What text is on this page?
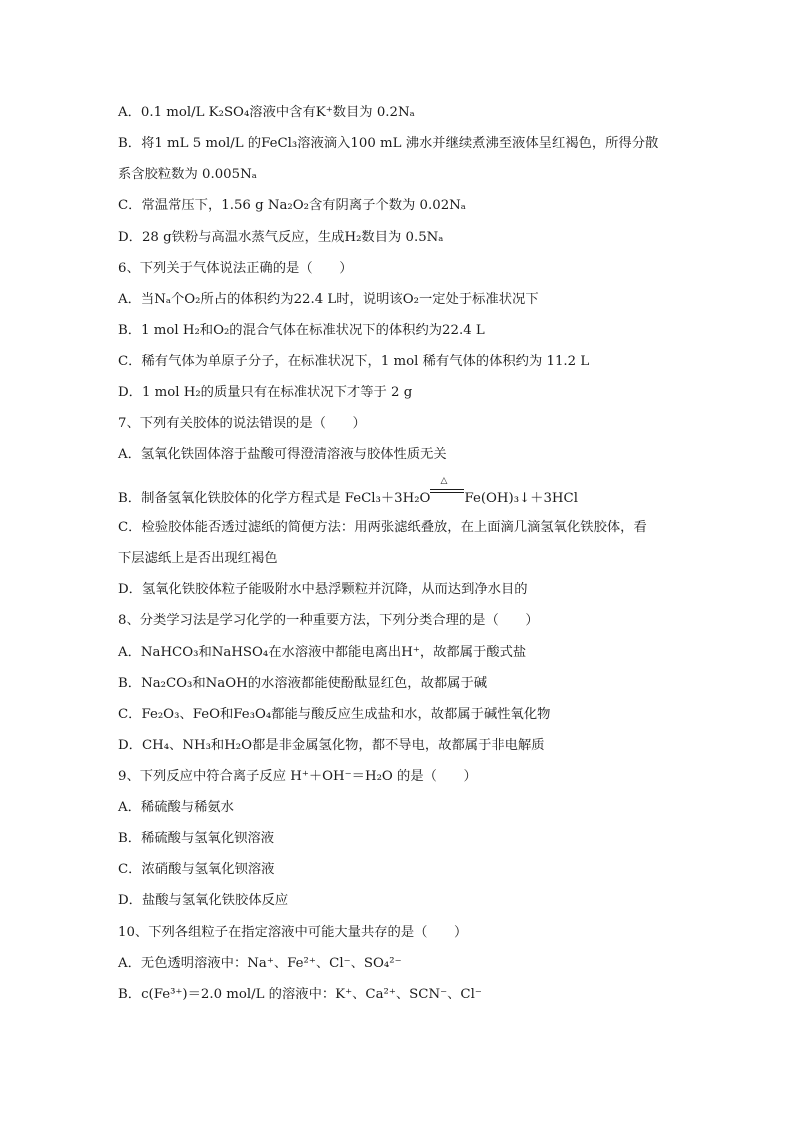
A．0.1 mol/L K₂SO₄溶液中含有K⁺数目为 0.2Nₐ
B．将1 mL 5 mol/L 的FeCl₃溶液滴入100 mL 沸水并继续煮沸至液体呈红褐色，所得分散
系含胶粒数为 0.005Nₐ
C．常温常压下，1.56 g Na₂O₂含有阴离子个数为 0.02Nₐ
D．28 g铁粉与高温水蒸气反应，生成H₂数目为 0.5Nₐ
6、下列关于气体说法正确的是（　　）
A．当Nₐ个O₂所占的体积约为22.4 L时，说明该O₂一定处于标准状况下
B．1 mol H₂和O₂的混合气体在标准状况下的体积约为22.4 L
C．稀有气体为单原子分子，在标准状况下，1 mol 稀有气体的体积约为 11.2 L
D．1 mol H₂的质量只有在标准状况下才等于 2 g
7、下列有关胶体的说法错误的是（　　）
A．氢氧化铁固体溶于盐酸可得澄清溶液与胶体性质无关
B．制备氢氧化铁胶体的化学方程式是 FeCl₃＋3H₂O
△
Fe(OH)₃↓＋3HCl
C．检验胶体能否透过滤纸的简便方法：用两张滤纸叠放，在上面滴几滴氢氧化铁胶体，看
下层滤纸上是否出现红褐色
D．氢氧化铁胶体粒子能吸附水中悬浮颗粒并沉降，从而达到净水目的
8、分类学习法是学习化学的一种重要方法，下列分类合理的是（　　）
A．NaHCO₃和NaHSO₄在水溶液中都能电离出H⁺，故都属于酸式盐
B．Na₂CO₃和NaOH的水溶液都能使酚酞显红色，故都属于碱
C．Fe₂O₃、FeO和Fe₃O₄都能与酸反应生成盐和水，故都属于碱性氧化物
D．CH₄、NH₃和H₂O都是非金属氢化物，都不导电，故都属于非电解质
9、下列反应中符合离子反应 H⁺＋OH⁻＝H₂O 的是（　　）
A．稀硫酸与稀氨水
B．稀硫酸与氢氧化钡溶液
C．浓硝酸与氢氧化钡溶液
D．盐酸与氢氧化铁胶体反应
10、下列各组粒子在指定溶液中可能大量共存的是（　　）
A．无色透明溶液中：Na⁺、Fe²⁺、Cl⁻、SO₄²⁻
B．c(Fe³⁺)＝2.0 mol/L 的溶液中：K⁺、Ca²⁺、SCN⁻、Cl⁻
